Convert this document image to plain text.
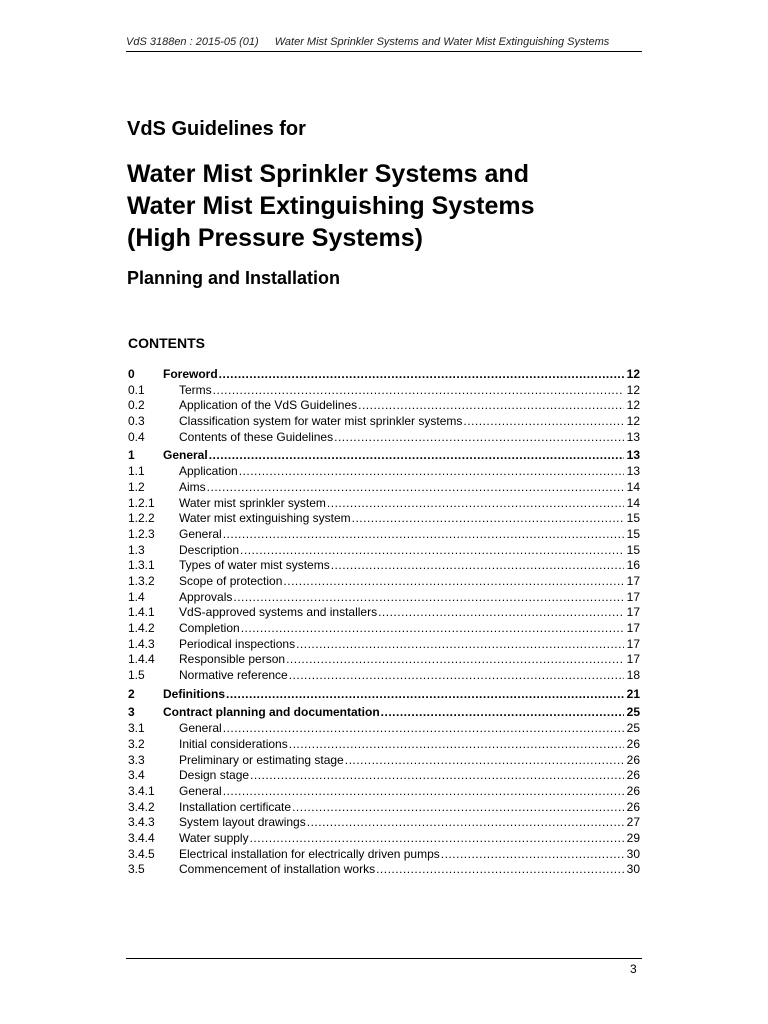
VdS 3188en : 2015-05 (01) Water Mist Sprinkler Systems and Water Mist Extinguishing Systems
VdS Guidelines for
Water Mist Sprinkler Systems and
Water Mist Extinguishing Systems
(High Pressure Systems)
Planning and Installation
CONTENTS
0	Foreword .....	12
0.1	Terms .....	12
0.2	Application of the VdS Guidelines .....	12
0.3	Classification system for water mist sprinkler systems .....	12
0.4	Contents of these Guidelines .....	13
1	General .....	13
1.1	Application .....	13
1.2	Aims .....	14
1.2.1	Water mist sprinkler system .....	14
1.2.2	Water mist extinguishing system .....	15
1.2.3	General .....	15
1.3	Description .....	15
1.3.1	Types of water mist systems .....	16
1.3.2	Scope of protection .....	17
1.4	Approvals .....	17
1.4.1	VdS-approved systems and installers .....	17
1.4.2	Completion .....	17
1.4.3	Periodical inspections .....	17
1.4.4	Responsible person .....	17
1.5	Normative reference .....	18
2	Definitions .....	21
3	Contract planning and documentation .....	25
3.1	General .....	25
3.2	Initial considerations .....	26
3.3	Preliminary or estimating stage .....	26
3.4	Design stage .....	26
3.4.1	General .....	26
3.4.2	Installation certificate .....	26
3.4.3	System layout drawings .....	27
3.4.4	Water supply .....	29
3.4.5	Electrical installation for electrically driven pumps .....	30
3.5	Commencement of installation works .....	30
3
